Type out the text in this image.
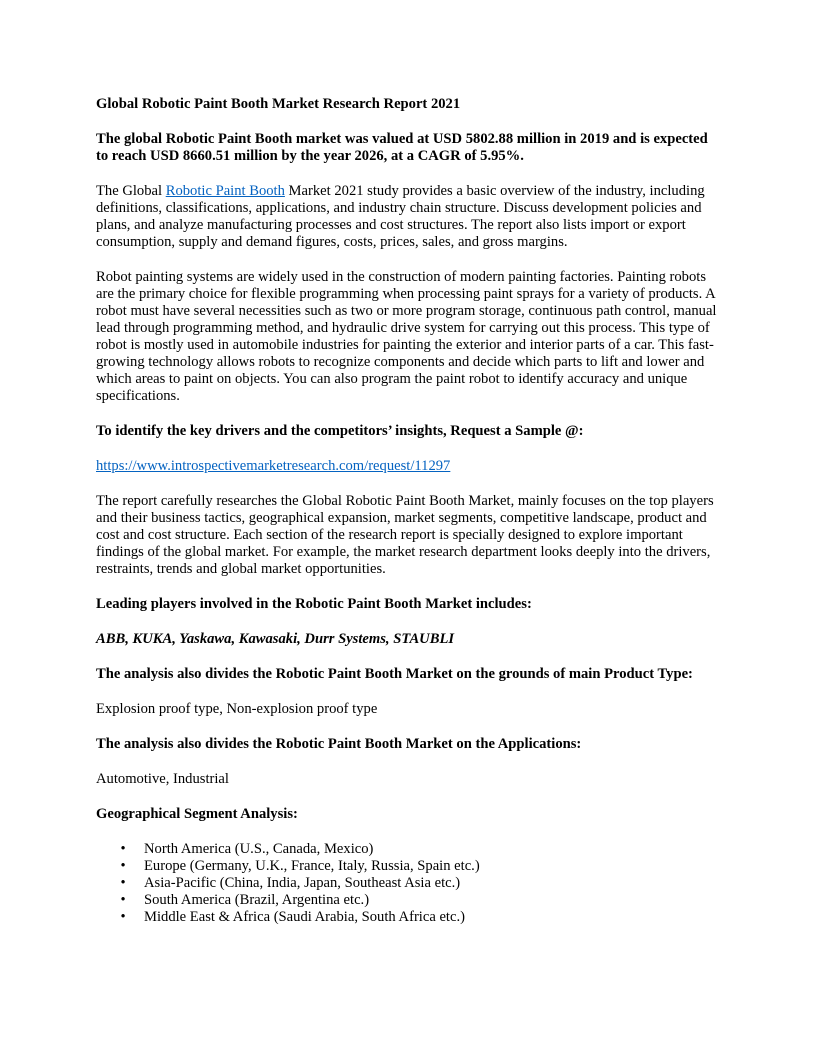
Global Robotic Paint Booth Market Research Report 2021

The global Robotic Paint Booth market was valued at USD 5802.88 million in 2019 and is expected to reach USD 8660.51 million by the year 2026, at a CAGR of 5.95%.

The Global Robotic Paint Booth Market 2021 study provides a basic overview of the industry, including definitions, classifications, applications, and industry chain structure. Discuss development policies and plans, and analyze manufacturing processes and cost structures. The report also lists import or export consumption, supply and demand figures, costs, prices, sales, and gross margins.

Robot painting systems are widely used in the construction of modern painting factories. Painting robots are the primary choice for flexible programming when processing paint sprays for a variety of products. A robot must have several necessities such as two or more program storage, continuous path control, manual lead through programming method, and hydraulic drive system for carrying out this process. This type of robot is mostly used in automobile industries for painting the exterior and interior parts of a car. This fast-growing technology allows robots to recognize components and decide which parts to lift and lower and which areas to paint on objects. You can also program the paint robot to identify accuracy and unique specifications.

To identify the key drivers and the competitors’ insights, Request a Sample @:

https://www.introspectivemarketresearch.com/request/11297

The report carefully researches the Global Robotic Paint Booth Market, mainly focuses on the top players and their business tactics, geographical expansion, market segments, competitive landscape, product and cost and cost structure. Each section of the research report is specially designed to explore important findings of the global market. For example, the market research department looks deeply into the drivers, restraints, trends and global market opportunities.

Leading players involved in the Robotic Paint Booth Market includes:

ABB, KUKA, Yaskawa, Kawasaki, Durr Systems, STAUBLI

The analysis also divides the Robotic Paint Booth Market on the grounds of main Product Type:

Explosion proof type, Non-explosion proof type

The analysis also divides the Robotic Paint Booth Market on the Applications:

Automotive, Industrial

Geographical Segment Analysis:

• North America (U.S., Canada, Mexico)
• Europe (Germany, U.K., France, Italy, Russia, Spain etc.)
• Asia-Pacific (China, India, Japan, Southeast Asia etc.)
• South America (Brazil, Argentina etc.)
• Middle East & Africa (Saudi Arabia, South Africa etc.)
